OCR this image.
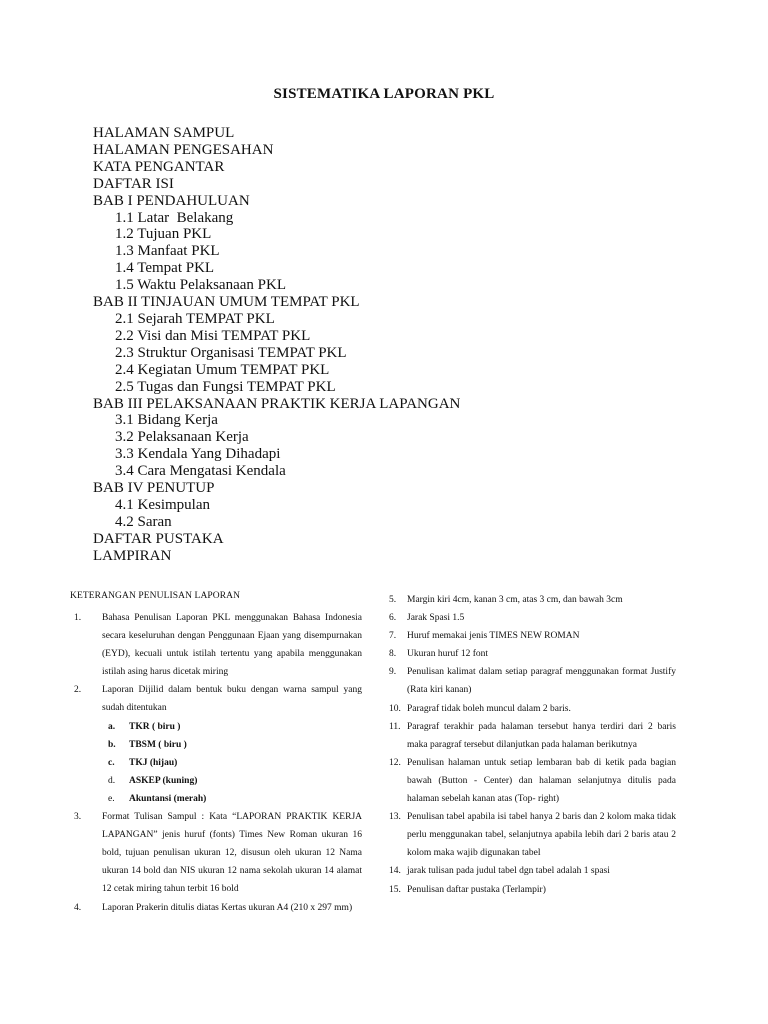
SISTEMATIKA LAPORAN PKL
HALAMAN SAMPUL
HALAMAN PENGESAHAN
KATA PENGANTAR
DAFTAR ISI
BAB I PENDAHULUAN
1.1 Latar  Belakang
1.2 Tujuan PKL
1.3 Manfaat PKL
1.4 Tempat PKL
1.5 Waktu Pelaksanaan PKL
BAB II TINJAUAN UMUM TEMPAT PKL
2.1 Sejarah TEMPAT PKL
2.2 Visi dan Misi TEMPAT PKL
2.3 Struktur Organisasi TEMPAT PKL
2.4 Kegiatan Umum TEMPAT PKL
2.5 Tugas dan Fungsi TEMPAT PKL
BAB III PELAKSANAAN PRAKTIK KERJA LAPANGAN
3.1 Bidang Kerja
3.2 Pelaksanaan Kerja
3.3 Kendala Yang Dihadapi
3.4 Cara Mengatasi Kendala
BAB IV PENUTUP
4.1 Kesimpulan
4.2 Saran
DAFTAR PUSTAKA
LAMPIRAN
KETERANGAN PENULISAN LAPORAN
1. Bahasa Penulisan Laporan PKL menggunakan Bahasa Indonesia secara keseluruhan dengan Penggunaan Ejaan yang disempurnakan (EYD), kecuali untuk istilah tertentu yang apabila menggunakan istilah asing harus dicetak miring
2. Laporan Dijilid dalam bentuk buku dengan warna sampul yang sudah ditentukan
a. TKR ( biru )
b. TBSM ( biru )
c. TKJ (hijau)
d. ASKEP (kuning)
e. Akuntansi (merah)
3. Format Tulisan Sampul : Kata “LAPORAN PRAKTIK KERJA LAPANGAN” jenis huruf (fonts) Times New Roman ukuran 16 bold, tujuan penulisan ukuran 12, disusun oleh ukuran 12 Nama ukuran 14 bold dan NIS ukuran 12 nama sekolah ukuran 14 alamat 12 cetak miring tahun terbit 16 bold
4. Laporan Prakerin ditulis diatas Kertas ukuran A4 (210 x 297 mm)
5. Margin kiri 4cm, kanan 3 cm, atas 3 cm, dan bawah 3cm
6. Jarak Spasi 1.5
7. Huruf memakai jenis TIMES NEW ROMAN
8. Ukuran huruf 12 font
9. Penulisan kalimat dalam setiap paragraf menggunakan format Justify (Rata kiri kanan)
10. Paragraf tidak boleh muncul dalam 2 baris.
11. Paragraf terakhir pada halaman tersebut hanya terdiri dari 2 baris maka paragraf tersebut dilanjutkan pada halaman berikutnya
12. Penulisan halaman untuk setiap lembaran bab di ketik pada bagian bawah (Button - Center) dan halaman selanjutnya ditulis pada halaman sebelah kanan atas (Top- right)
13. Penulisan tabel apabila isi tabel hanya 2 baris dan 2 kolom maka tidak perlu menggunakan tabel, selanjutnya apabila lebih dari 2 baris atau 2 kolom maka wajib digunakan tabel
14. jarak tulisan pada judul tabel dgn tabel adalah 1 spasi
15. Penulisan daftar pustaka (Terlampir)
